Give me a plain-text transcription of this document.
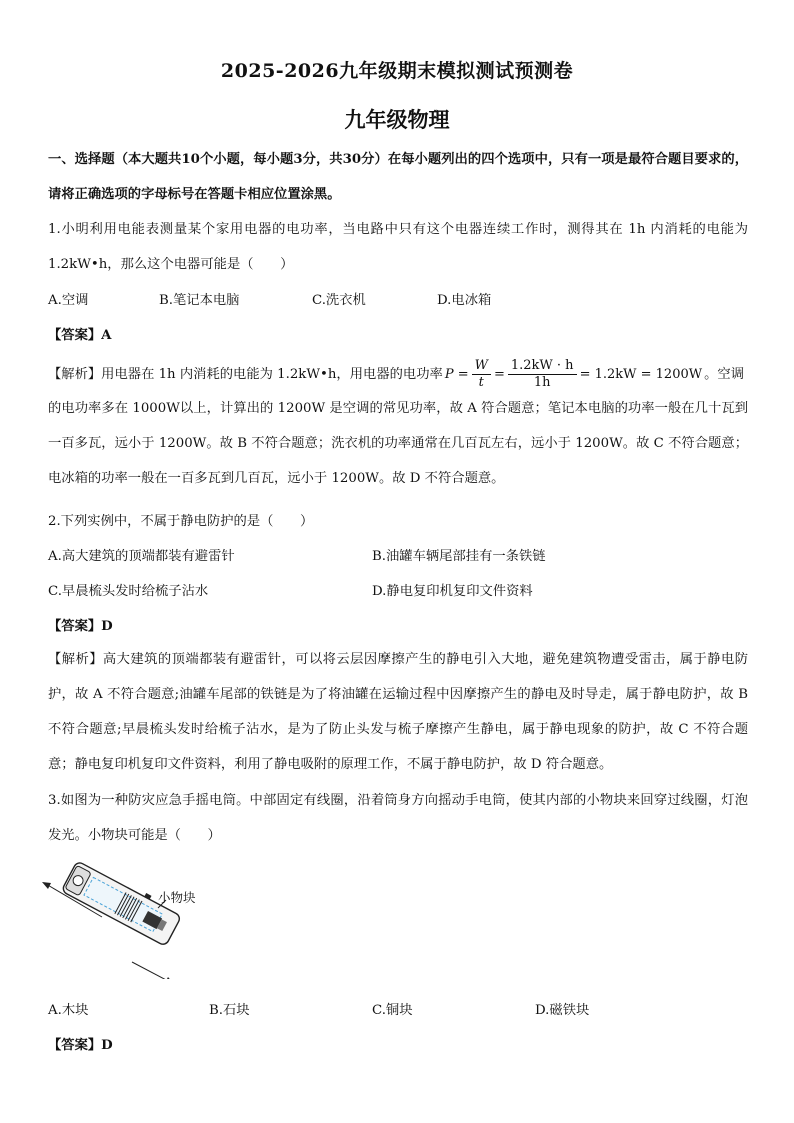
2025-2026九年级期末模拟测试预测卷
九年级物理
一、选择题（本大题共10个小题，每小题3分，共30分）在每小题列出的四个选项中，只有一项是最符合题目要求的，请将正确选项的字母标号在答题卡相应位置涂黑。
1.小明利用电能表测量某个家用电器的电功率，当电路中只有这个电器连续工作时，测得其在 1h 内消耗的电能为 1.2kW•h，那么这个电器可能是（　　）
A.空调	B.笔记本电脑	C.洗衣机	D.电冰箱
【答案】A
【解析】用电器在 1h 内消耗的电能为 1.2kW•h，用电器的电功率 $P = \frac{W}{t} = \frac{1.2kW \cdot h}{1h} = 1.2kW = 1200W$ 。空调
的电功率多在 1000W以上，计算出的 1200W 是空调的常见功率，故 A 符合题意；笔记本电脑的功率一般在几十瓦到一百多瓦，远小于 1200W。故 B 不符合题意；洗衣机的功率通常在几百瓦左右，远小于 1200W。故 C 不符合题意；电冰箱的功率一般在一百多瓦到几百瓦，远小于 1200W。故 D 不符合题意。
2.下列实例中，不属于静电防护的是（　　）
A.高大建筑的顶端都装有避雷针	B.油罐车辆尾部挂有一条铁链
C.早晨梳头发时给梳子沾水	D.静电复印机复印文件资料
【答案】D
【解析】高大建筑的顶端都装有避雷针，可以将云层因摩擦产生的静电引入大地，避免建筑物遭受雷击，属于静电防护，故 A 不符合题意;油罐车尾部的铁链是为了将油罐在运输过程中因摩擦产生的静电及时导走，属于静电防护，故 B 不符合题意;早晨梳头发时给梳子沾水，是为了防止头发与梳子摩擦产生静电，属于静电现象的防护，故 C 不符合题意；静电复印机复印文件资料，利用了静电吸附的原理工作，不属于静电防护，故 D 符合题意。
3.如图为一种防灾应急手摇电筒。中部固定有线圈，沿着筒身方向摇动手电筒，使其内部的小物块来回穿过线圈，灯泡发光。小物块可能是（　　）
小物块
A.木块	B.石块	C.铜块	D.磁铁块
【答案】D
